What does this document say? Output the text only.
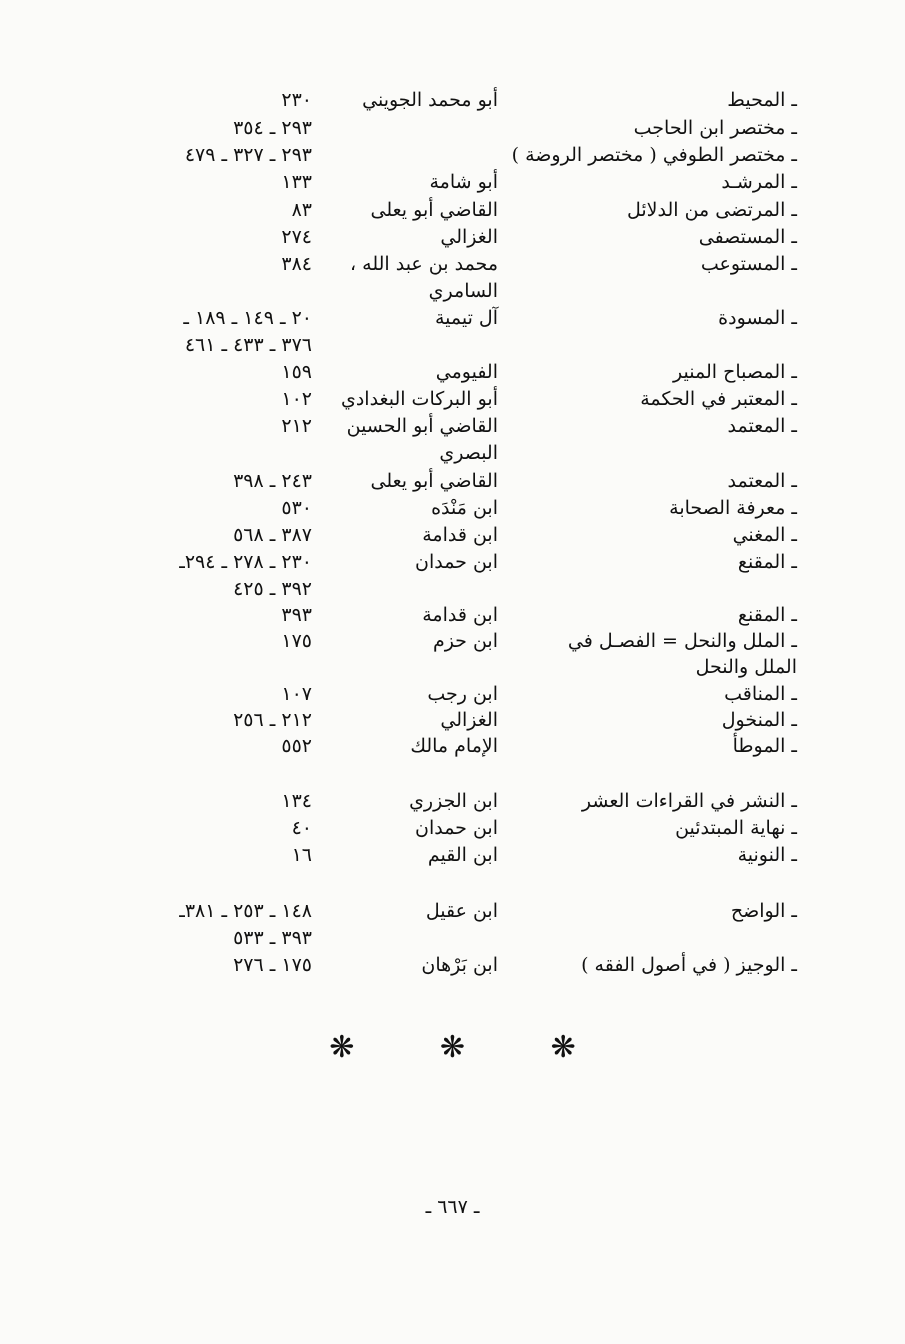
ـ المحيط
أبو محمد الجويني
٢٣٠
ـ مختصر ابن الحاجب
٢٩٣ ـ ٣٥٤
ـ مختصر الطوفي ( مختصر الروضة )
٢٩٣ ـ ٣٢٧ ـ ٤٧٩
ـ المرشـد
أبو شامة
١٣٣
ـ المرتضى من الدلائل
القاضي أبو يعلى
٨٣
ـ المستصفى
الغزالي
٢٧٤
ـ المستوعب
محمد بن عبد الله ،
٣٨٤
السامري
ـ المسودة
آل تيمية
٢٠ ـ ١٤٩ ـ ١٨٩ ـ
٣٧٦ ـ ٤٣٣ ـ ٤٦١
ـ المصباح المنير
الفيومي
١٥٩
ـ المعتبر في الحكمة
أبو البركات البغدادي
١٠٢
ـ المعتمد
القاضي أبو الحسين
٢١٢
البصري
ـ المعتمد
القاضي أبو يعلى
٢٤٣ ـ ٣٩٨
ـ معرفة الصحابة
ابن مَنْدَه
٥٣٠
ـ المغني
ابن قدامة
٣٨٧ ـ ٥٦٨
ـ المقنع
ابن حمدان
٢٣٠ ـ ٢٧٨ ـ ٢٩٤ـ
٣٩٢ ـ ٤٢٥
ـ المقنع
ابن قدامة
٣٩٣
ـ الملل والنحل = الفصـل في
ابن حزم
١٧٥
الملل والنحل
ـ المناقب
ابن رجب
١٠٧
ـ المنخول
الغزالي
٢١٢ ـ ٢٥٦
ـ الموطأ
الإمام مالك
٥٥٢
ـ النشر في القراءات العشر
ابن الجزري
١٣٤
ـ نهاية المبتدئين
ابن حمدان
٤٠
ـ النونية
ابن القيم
١٦
ـ الواضح
ابن عقيل
١٤٨ ـ ٢٥٣ ـ ٣٨١ـ
٣٩٣ ـ ٥٣٣
ـ الوجيز ( في أصول الفقه )
ابن بَرْهان
١٧٥ ـ ٢٧٦
❋ ❋ ❋
ـ ٦٦٧ ـ
